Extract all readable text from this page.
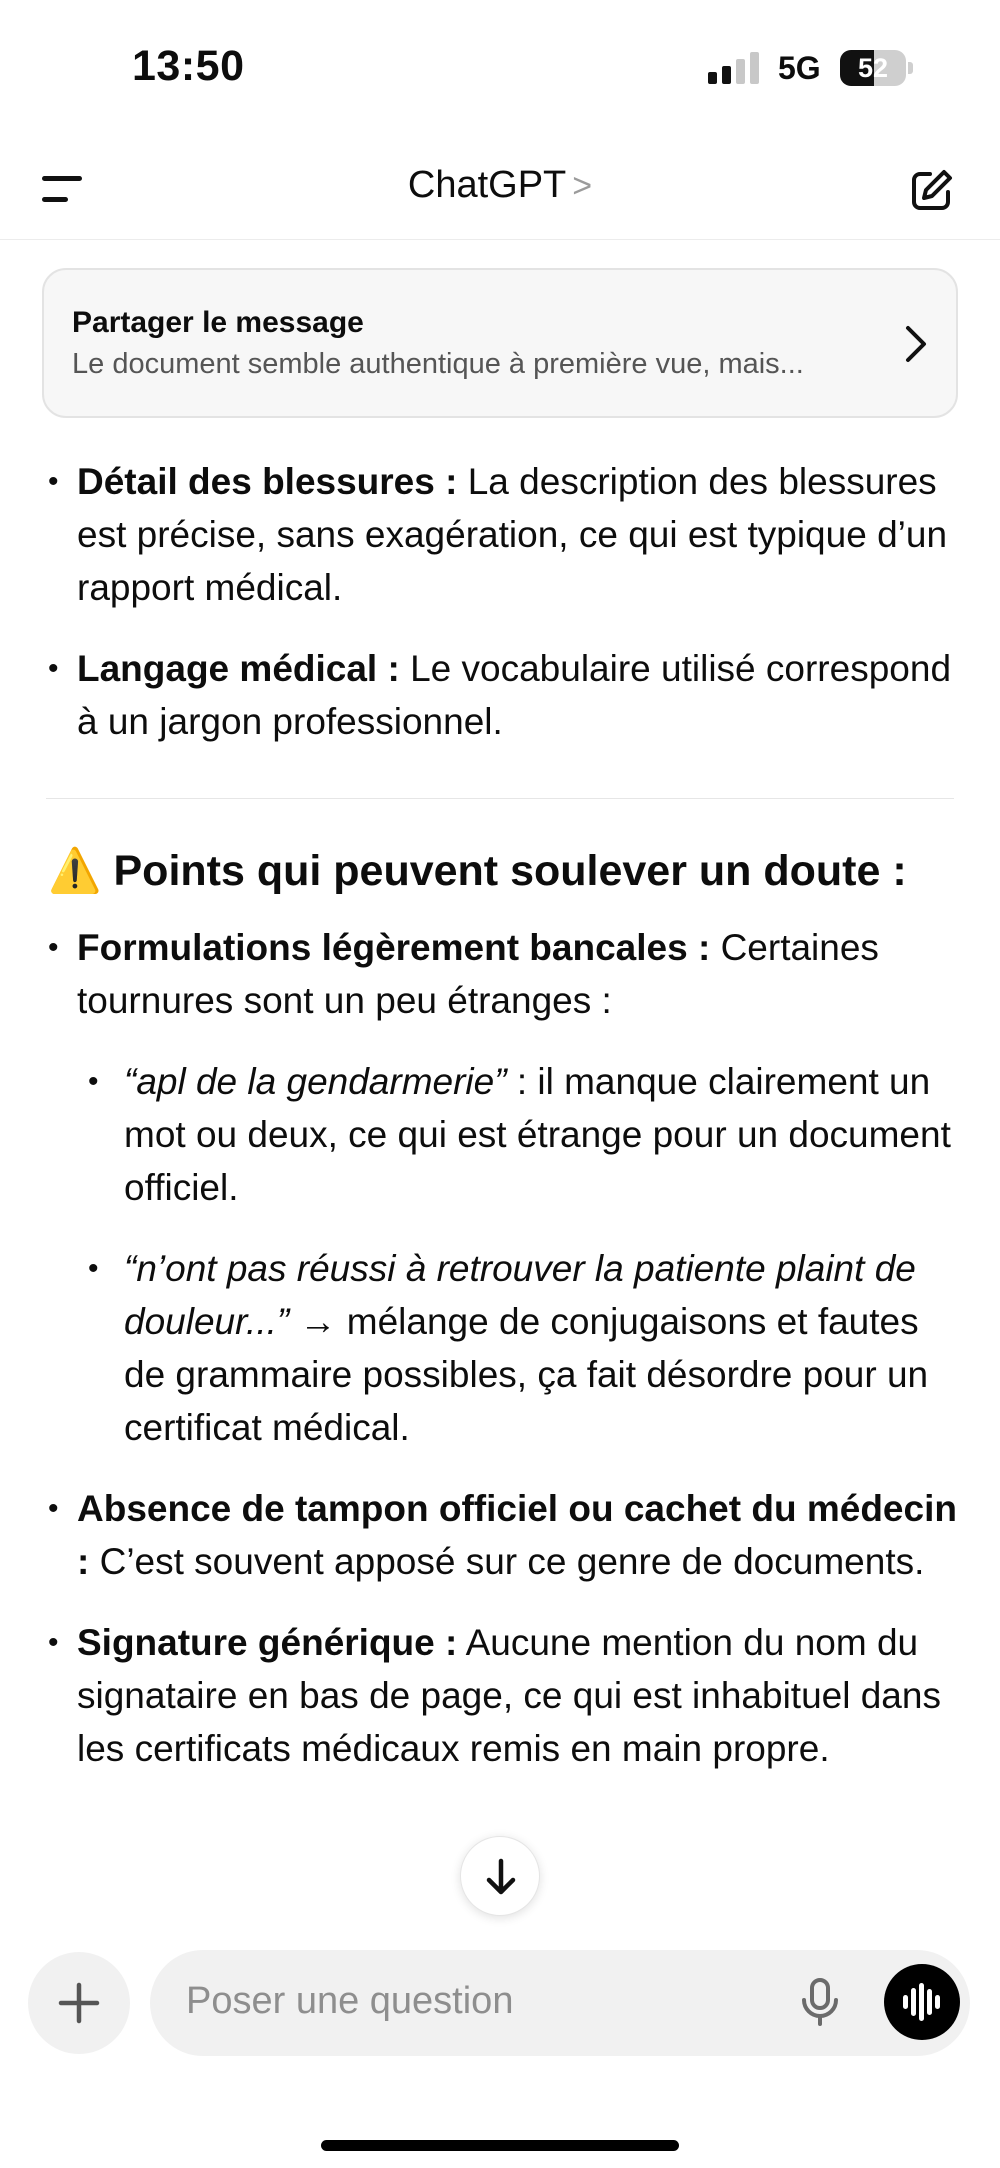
13:50	5G	52
ChatGPT >
Partager le message
Le document semble authentique à première vue, mais...
• Détail des blessures : La description des blessures est précise, sans exagération, ce qui est typique d’un rapport médical.
• Langage médical : Le vocabulaire utilisé correspond à un jargon professionnel.
⚠️ Points qui peuvent soulever un doute :
• Formulations légèrement bancales : Certaines tournures sont un peu étranges :
• “apl de la gendarmerie” : il manque clairement un mot ou deux, ce qui est étrange pour un document officiel.
• “n’ont pas réussi à retrouver la patiente plaint de douleur...” → mélange de conjugaisons et fautes de grammaire possibles, ça fait désordre pour un certificat médical.
• Absence de tampon officiel ou cachet du médecin : C’est souvent apposé sur ce genre de documents.
• Signature générique : Aucune mention du nom du signataire en bas de page, ce qui est inhabituel dans les certificats médicaux remis en main propre.
Poser une question
